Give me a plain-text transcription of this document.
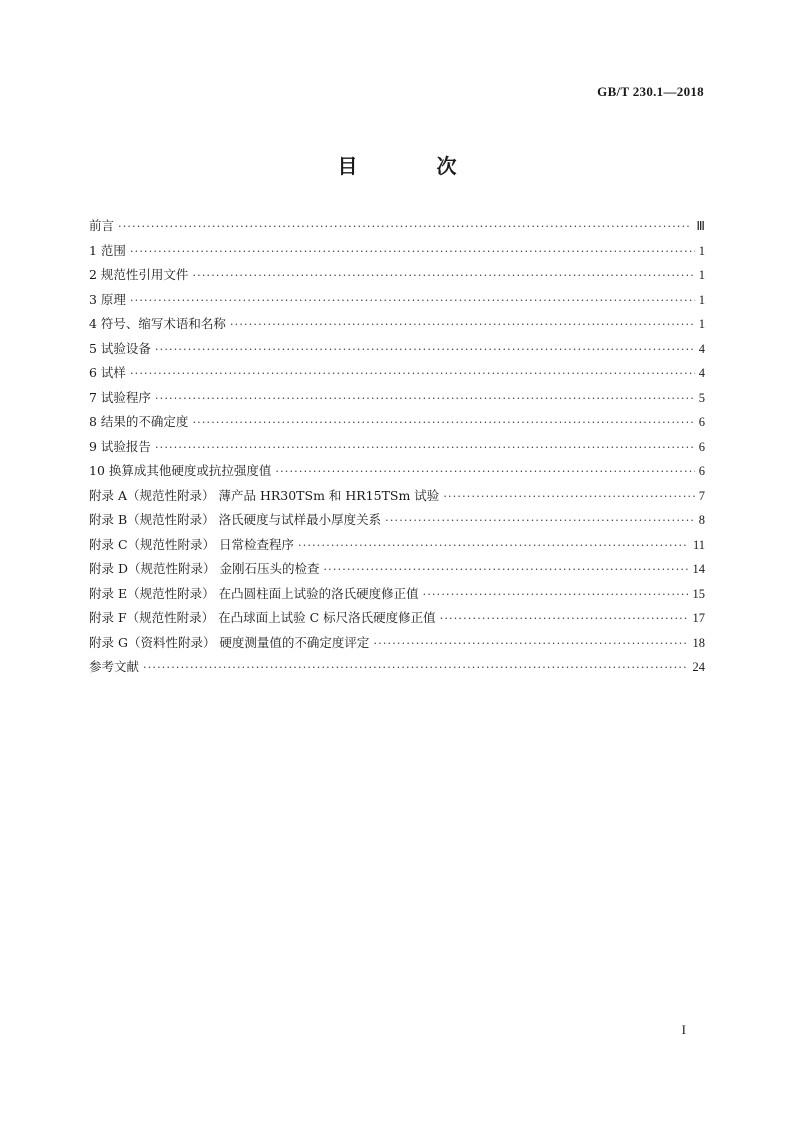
GB/T 230.1—2018
目 次
前言 ·····	Ⅲ
1 范围 ·····	1
2 规范性引用文件 ·····	1
3 原理 ·····	1
4 符号、缩写术语和名称 ·····	1
5 试验设备 ·····	4
6 试样 ·····	4
7 试验程序 ·····	5
8 结果的不确定度 ·····	6
9 试验报告 ·····	6
10 换算成其他硬度或抗拉强度值 ·····	6
附录 A（规范性附录） 薄产品 HR30TSm 和 HR15TSm 试验 ·····	7
附录 B（规范性附录） 洛氏硬度与试样最小厚度关系 ·····	8
附录 C（规范性附录） 日常检查程序 ·····	11
附录 D（规范性附录） 金刚石压头的检查 ·····	14
附录 E（规范性附录） 在凸圆柱面上试验的洛氏硬度修正值 ·····	15
附录 F（规范性附录） 在凸球面上试验 C 标尺洛氏硬度修正值 ·····	17
附录 G（资料性附录） 硬度测量值的不确定度评定 ·····	18
参考文献 ·····	24
I
